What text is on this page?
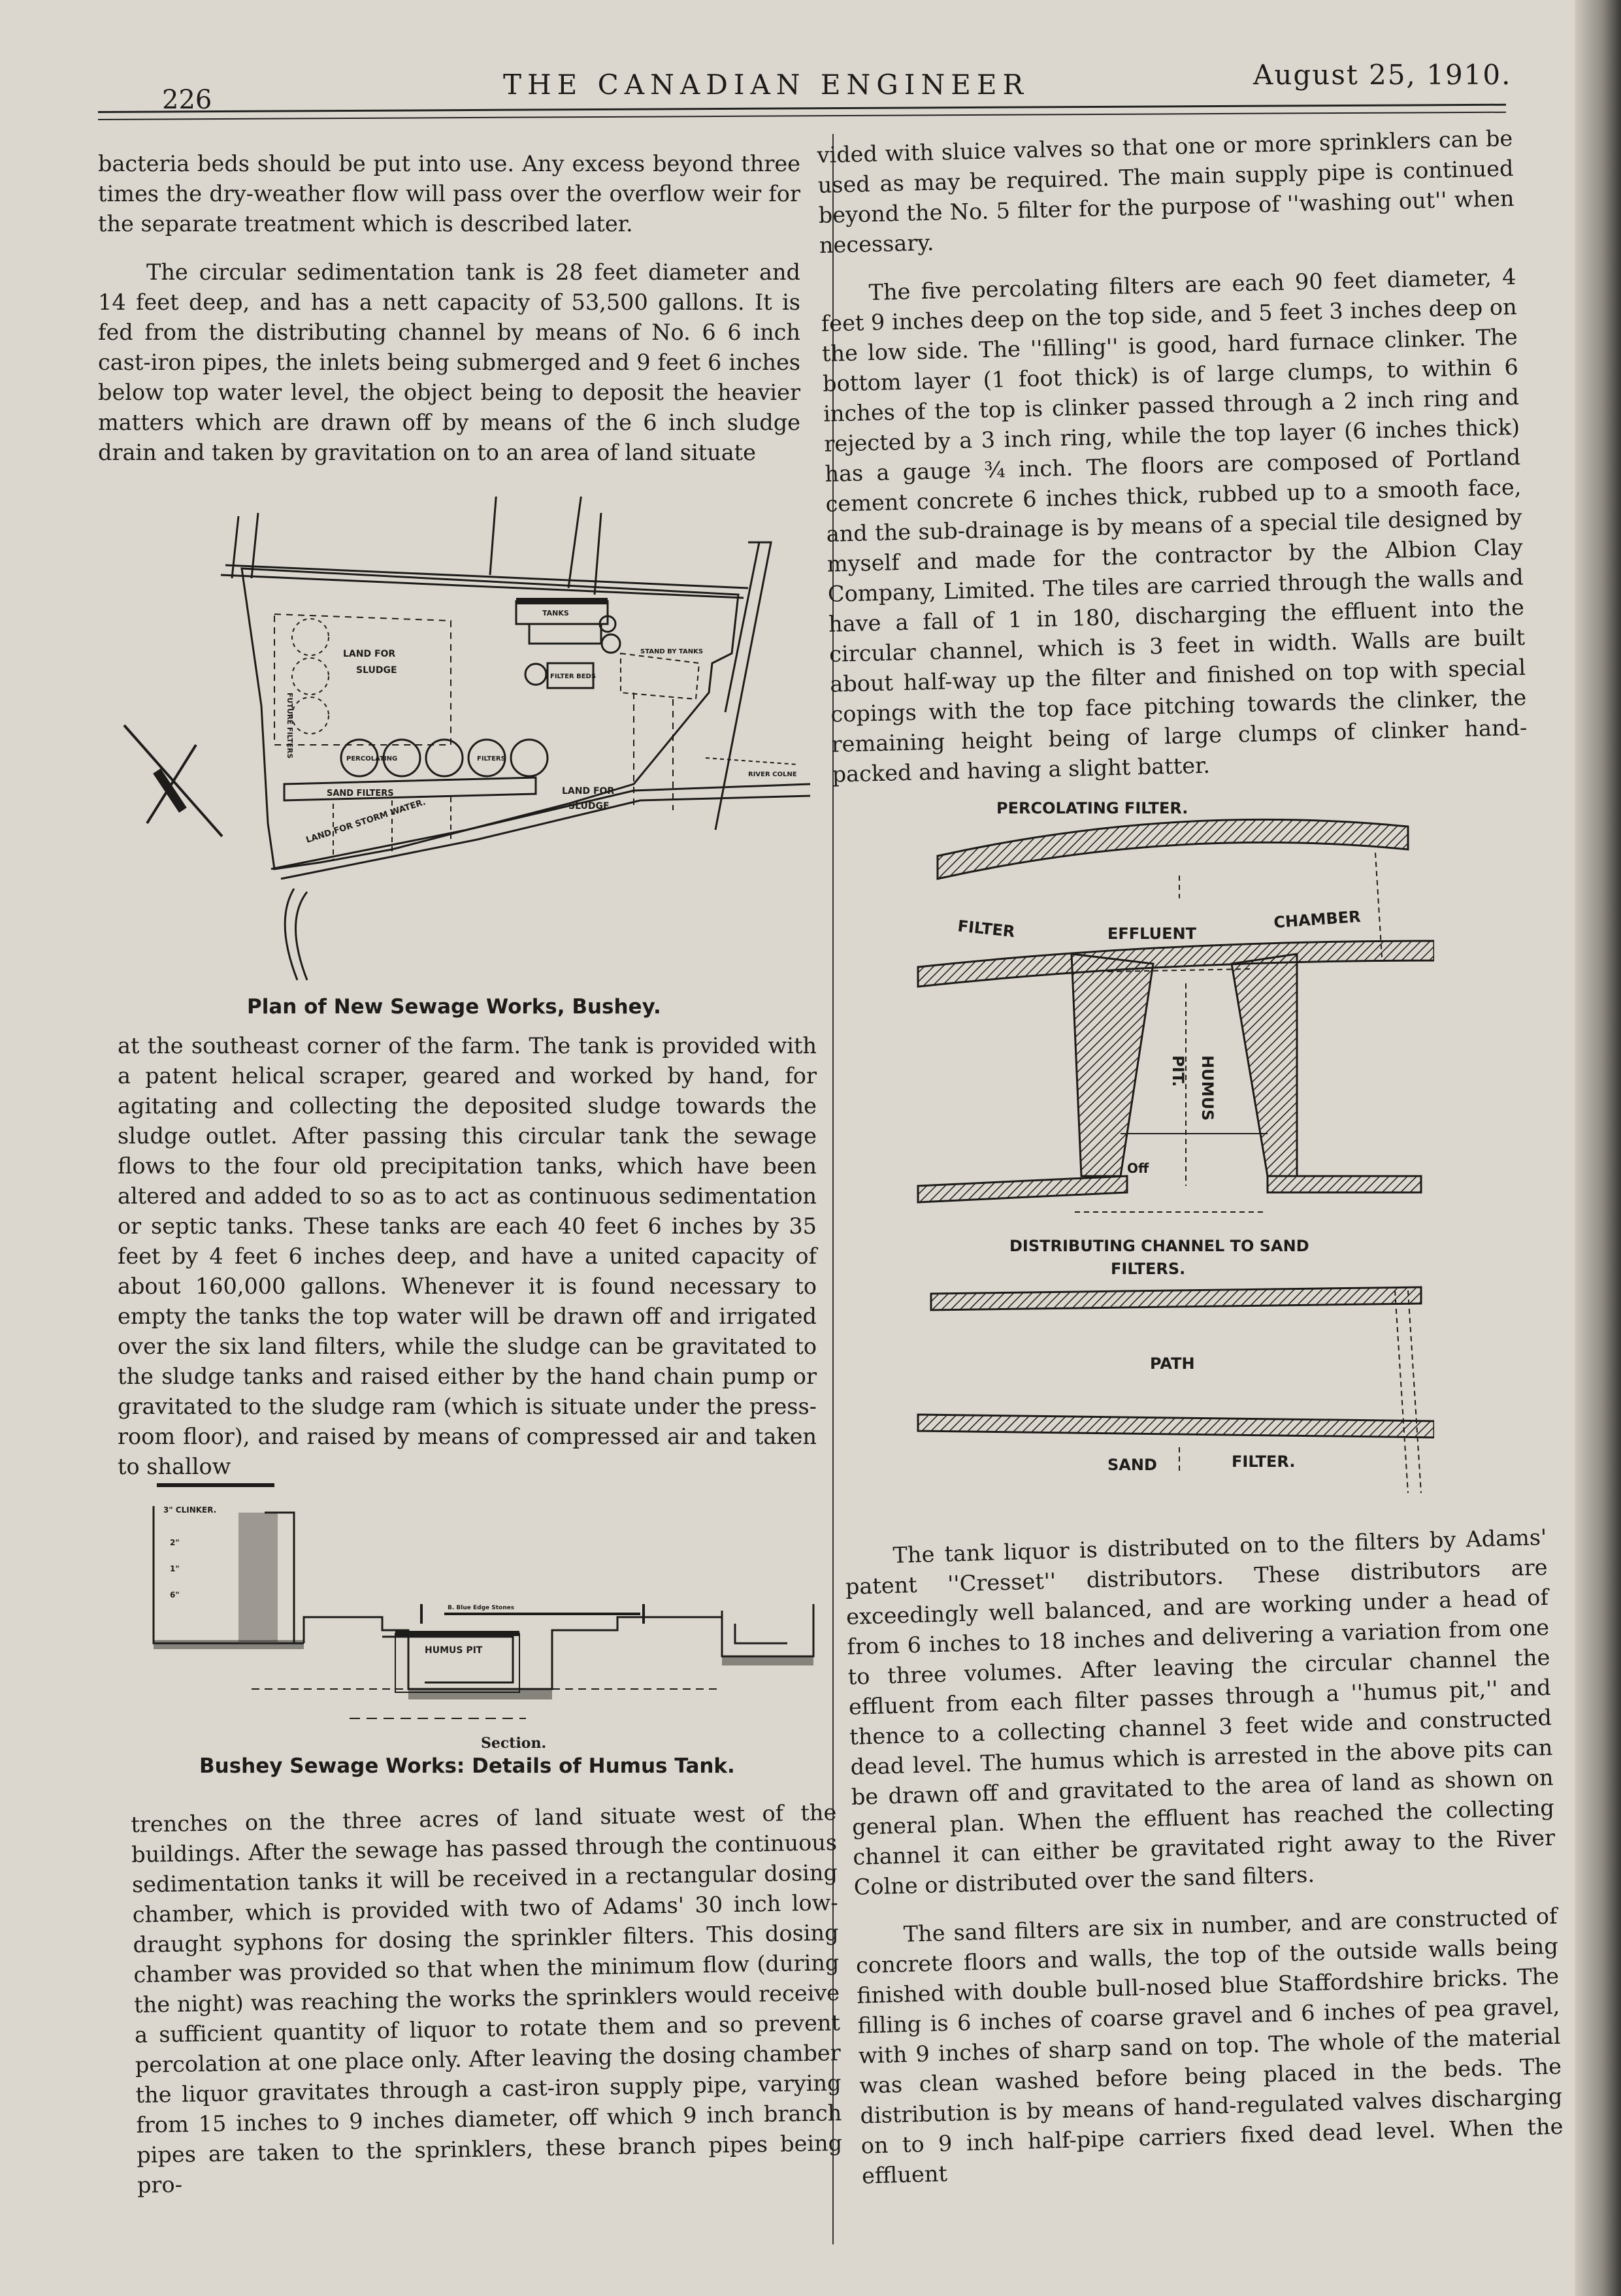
226	THE CANADIAN ENGINEER	August 25, 1910.

bacteria beds should be put into use. Any excess beyond three times the dry-weather flow will pass over the overflow weir for the separate treatment which is described later.

The circular sedimentation tank is 28 feet diameter and 14 feet deep, and has a nett capacity of 53,500 gallons. It is fed from the distributing channel by means of No. 6 6 inch cast-iron pipes, the inlets being submerged and 9 feet 6 inches below top water level, the object being to deposit the heavier matters which are drawn off by means of the 6 inch sludge drain and taken by gravitation on to an area of land situate

LAND FOR
SLUDGE
FUTURE FILTERS
TANKS
STAND BY TANKS
FILTER BEDS
PERCOLATING	FILTERS
SAND FILTERS
LAND FOR STORM WATER.
LAND FOR
SLUDGE
RIVER COLNE
Plan of New Sewage Works, Bushey.

at the southeast corner of the farm. The tank is provided with a patent helical scraper, geared and worked by hand, for agitating and collecting the deposited sludge towards the sludge outlet. After passing this circular tank the sewage flows to the four old precipitation tanks, which have been altered and added to so as to act as continuous sedimentation or septic tanks. These tanks are each 40 feet 6 inches by 35 feet by 4 feet 6 inches deep, and have a united capacity of about 160,000 gallons. Whenever it is found necessary to empty the tanks the top water will be drawn off and irrigated over the six land filters, while the sludge can be gravitated to the sludge tanks and raised either by the hand chain pump or gravitated to the sludge ram (which is situate under the press-room floor), and raised by means of compressed air and taken to shallow

3" CLINKER.
2"
1"
6"
HUMUS PIT
B. Blue Edge Stones
Section.
Bushey Sewage Works: Details of Humus Tank.

trenches on the three acres of land situate west of the buildings. After the sewage has passed through the continuous sedimentation tanks it will be received in a rectangular dosing chamber, which is provided with two of Adams' 30 inch low-draught syphons for dosing the sprinkler filters. This dosing chamber was provided so that when the minimum flow (during the night) was reaching the works the sprinklers would receive a sufficient quantity of liquor to rotate them and so prevent percolation at one place only. After leaving the dosing chamber the liquor gravitates through a cast-iron supply pipe, varying from 15 inches to 9 inches diameter, off which 9 inch branch pipes are taken to the sprinklers, these branch pipes being pro-

vided with sluice valves so that one or more sprinklers can be used as may be required. The main supply pipe is continued beyond the No. 5 filter for the purpose of ''washing out'' when necessary.

The five percolating filters are each 90 feet diameter, 4 feet 9 inches deep on the top side, and 5 feet 3 inches deep on the low side. The ''filling'' is good, hard furnace clinker. The bottom layer (1 foot thick) is of large clumps, to within 6 inches of the top is clinker passed through a 2 inch ring and rejected by a 3 inch ring, while the top layer (6 inches thick) has a gauge ¾ inch. The floors are composed of Portland cement concrete 6 inches thick, rubbed up to a smooth face, and the sub-drainage is by means of a special tile designed by myself and made for the contractor by the Albion Clay Company, Limited. The tiles are carried through the walls and have a fall of 1 in 180, discharging the effluent into the circular channel, which is 3 feet in width. Walls are built about half-way up the filter and finished on top with special copings with the top face pitching towards the clinker, the remaining height being of large clumps of clinker hand-packed and having a slight batter.

PERCOLATING FILTER.
FILTER	EFFLUENT
CHAMBER
HUMUS
PIT.
Off
DISTRIBUTING CHANNEL TO SAND
FILTERS.
PATH
SAND	FILTER.

The tank liquor is distributed on to the filters by Adams' patent ''Cresset'' distributors. These distributors are exceedingly well balanced, and are working under a head of from 6 inches to 18 inches and delivering a variation from one to three volumes. After leaving the circular channel the effluent from each filter passes through a ''humus pit,'' and thence to a collecting channel 3 feet wide and constructed dead level. The humus which is arrested in the above pits can be drawn off and gravitated to the area of land as shown on general plan. When the effluent has reached the collecting channel it can either be gravitated right away to the River Colne or distributed over the sand filters.

The sand filters are six in number, and are constructed of concrete floors and walls, the top of the outside walls being finished with double bull-nosed blue Staffordshire bricks. The filling is 6 inches of coarse gravel and 6 inches of pea gravel, with 9 inches of sharp sand on top. The whole of the material was clean washed before being placed in the beds. The distribution is by means of hand-regulated valves discharging on to 9 inch half-pipe carriers fixed dead level. When the effluent
